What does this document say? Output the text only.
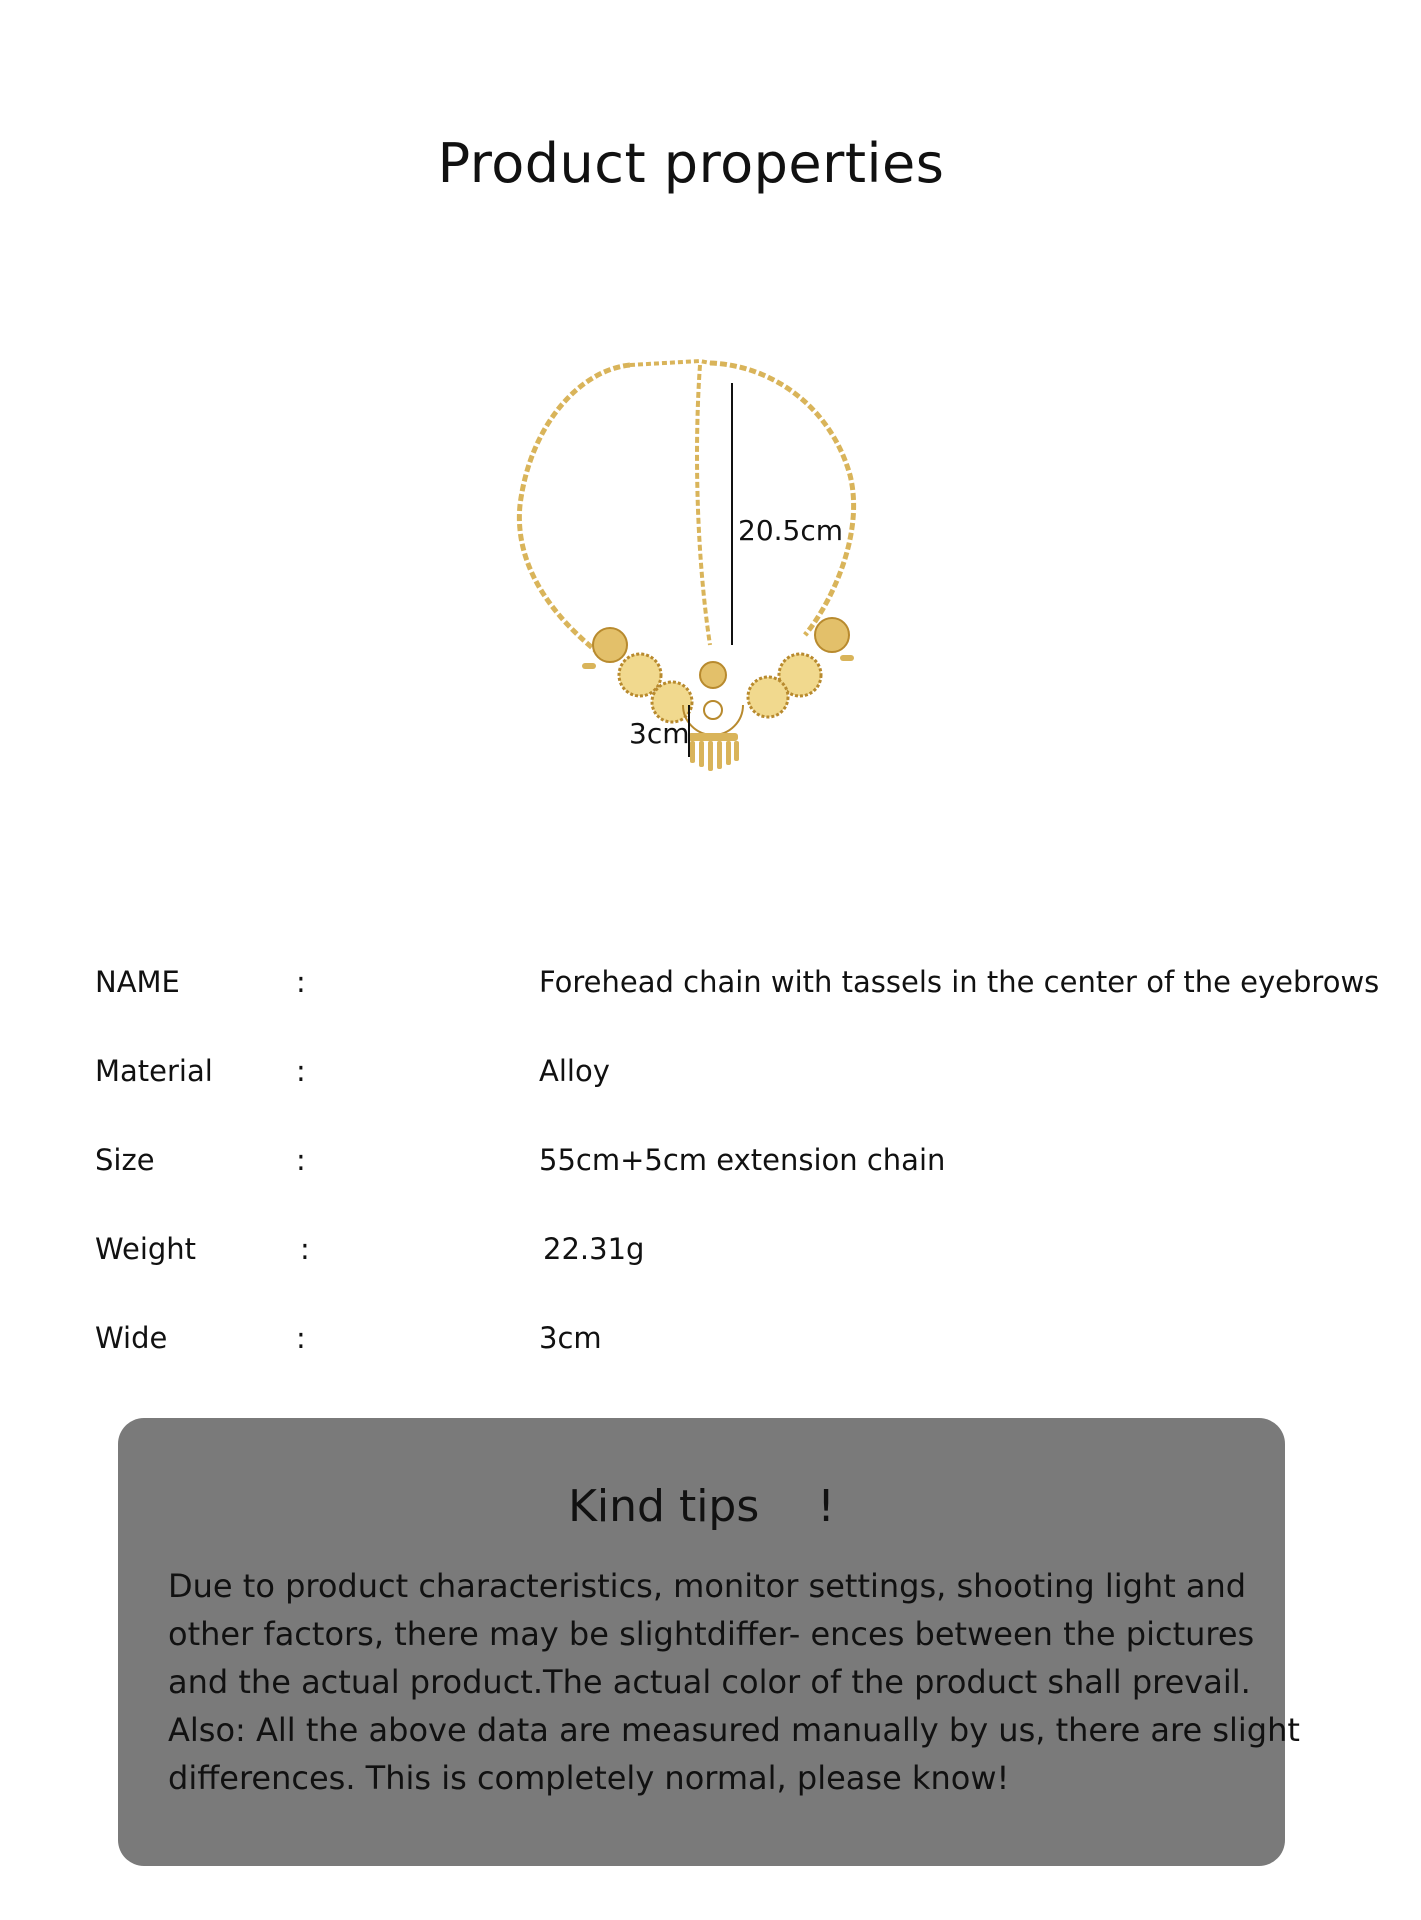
Product properties
20.5cm
3cm
NAME	:	Forehead chain with tassels in the center of the eyebrows
Material	:	Alloy
Size	:	55cm+5cm extension chain
Weight	:	22.31g
Wide	:	3cm
Kind tips 　!
Due to product characteristics, monitor settings, shooting light and
other factors, there may be slightdiffer- ences between the pictures
and the actual product.The actual color of the product shall prevail.
Also: All the above data are measured manually by us, there are slight
differences. This is completely normal, please know!
